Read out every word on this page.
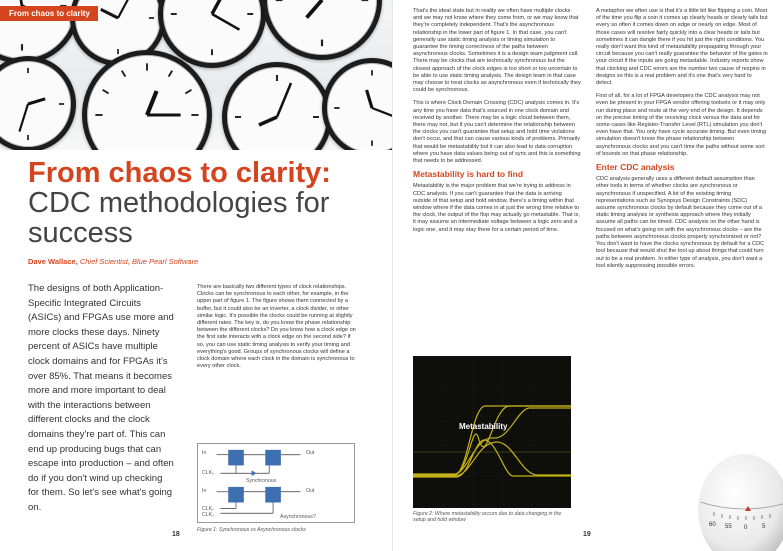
From chaos to clarity
From chaos to clarity:
CDC methodologies for success
Dave Wallace, Chief Scientist, Blue Pearl Software
The designs of both Application-Specific Integrated Circuits (ASICs) and FPGAs use more and more clocks these days. Ninety percent of ASICs have multiple clock domains and for FPGAs it's over 85%. That means it becomes more and more important to deal with the interactions between different clocks and the clock domains they're part of. This can end up producing bugs that can escape into production – and often do if you don't wind up checking for them. So let's see what's going on.

There are basically two different types of clock relationships. Clocks can be synchronous to each other, for example, in the upper part of figure 1. The figure shows them connected by a buffer, but it could also be an inverter, a clock divider, or other similar logic. It's possible the clocks could be running at slightly different rates. The key is, do you know the phase relationship between the different clocks? Do you know how a clock edge on the first side interacts with a clock edge on the second side? If so, you can use static timing analysis to verify your timing and everything's good. Groups of synchronous clocks will define a clock domain where each clock in the domain is synchronous to every other clock.

In	Out
CLK₁
Synchronous
In	Out
CLK₁
CLK₂	Asynchronous?
Figure 1: Synchronous vs Asynchronous clocks
18

That's the ideal state but in reality we often have multiple clocks and we may not know where they come from, or we may know that they're completely independent. That's the asynchronous relationship in the lower part of figure 1. In that case, you can't generally use static timing analysis or timing simulation to guarantee the timing correctness of the paths between asynchronous clocks. Sometimes it is a design team judgment call. There may be clocks that are technically synchronous but the closest approach of the clock edges is too short or too uncertain to be able to use static timing analysis. The design team in that case may choose to treat clocks as asynchronous even if technically they could be synchronous.

This is where Clock Domain Crossing (CDC) analysis comes in. It's any time you have data that's sourced in one clock domain and received by another. There may be a logic cloud between them, there may not, but if you can't determine the relationship between the clocks you can't guarantee that setup and hold time violations don't occur, and that can cause various kinds of problems. Primarily that would be metastability but it can also lead to data corruption where you have data values being out of sync and this is something that needs to be addressed.

Metastability is hard to find

Metastability is the major problem that we're trying to address in CDC analysis. If you can't guarantee that the data is arriving outside of that setup and hold window, there's a timing within that window where if the data comes in at just the wrong time relative to the clock, the output of the flop may actually go metastable. That is, it may assume an intermediate voltage between a logic zero and a logic one, and it may stay there for a certain period of time.

Metastability
Figure 2: Where metastability occurs due to data changing in the setup and hold window

A metaphor we often use is that it's a little bit like flipping a coin. Most of the time you flip a coin it comes up clearly heads or clearly tails but every so often it comes down on edge or nearly on edge. Most of those cases will resolve fairly quickly into a clear heads or tails but sometimes it can dangle there if you hit just the right conditions. You really don't want this kind of metastability propagating through your circuit because you can't really guarantee the behavior of the gates in your circuit if the inputs are going metastable. Industry reports show that clocking and CDC errors are the number two cause of respins in designs so this is a real problem and it's one that's very hard to detect.

First of all, for a lot of FPGA developers the CDC analysis may not even be present in your FPGA vendor offering toolsets or it may only run during place and route at the very end of the design. It depends on the precise timing of the receiving clock versus the data and for some cases like Register-Transfer Level (RTL) simulation you don't even have that. You only have cycle accurate timing. But even timing simulation doesn't know the phase relationship between asynchronous clocks and you can't time the paths without some sort of bounds on that phase relationship.

Enter CDC analysis

CDC analysis generally uses a different default assumption than other tools in terms of whether clocks are synchronous or asynchronous if unspecified. A lot of the existing timing representations such as Synopsys Design Constraints (SDC) assume synchronous clocks by default because they come out of a static timing analysis or synthesis approach where they initially assume all paths can be timed. CDC analysis on the other hand is focused on what's going on with the asynchronous clocks – are the paths between asynchronous clocks properly synchronized or not? You don't want to have the clocks synchronous by default for a CDC tool because that would shut the tool up about things that could turn out to be a real problem. In either type of analysis, you don't want a tool silently suppressing possible errors.

60 55 0 5
19
